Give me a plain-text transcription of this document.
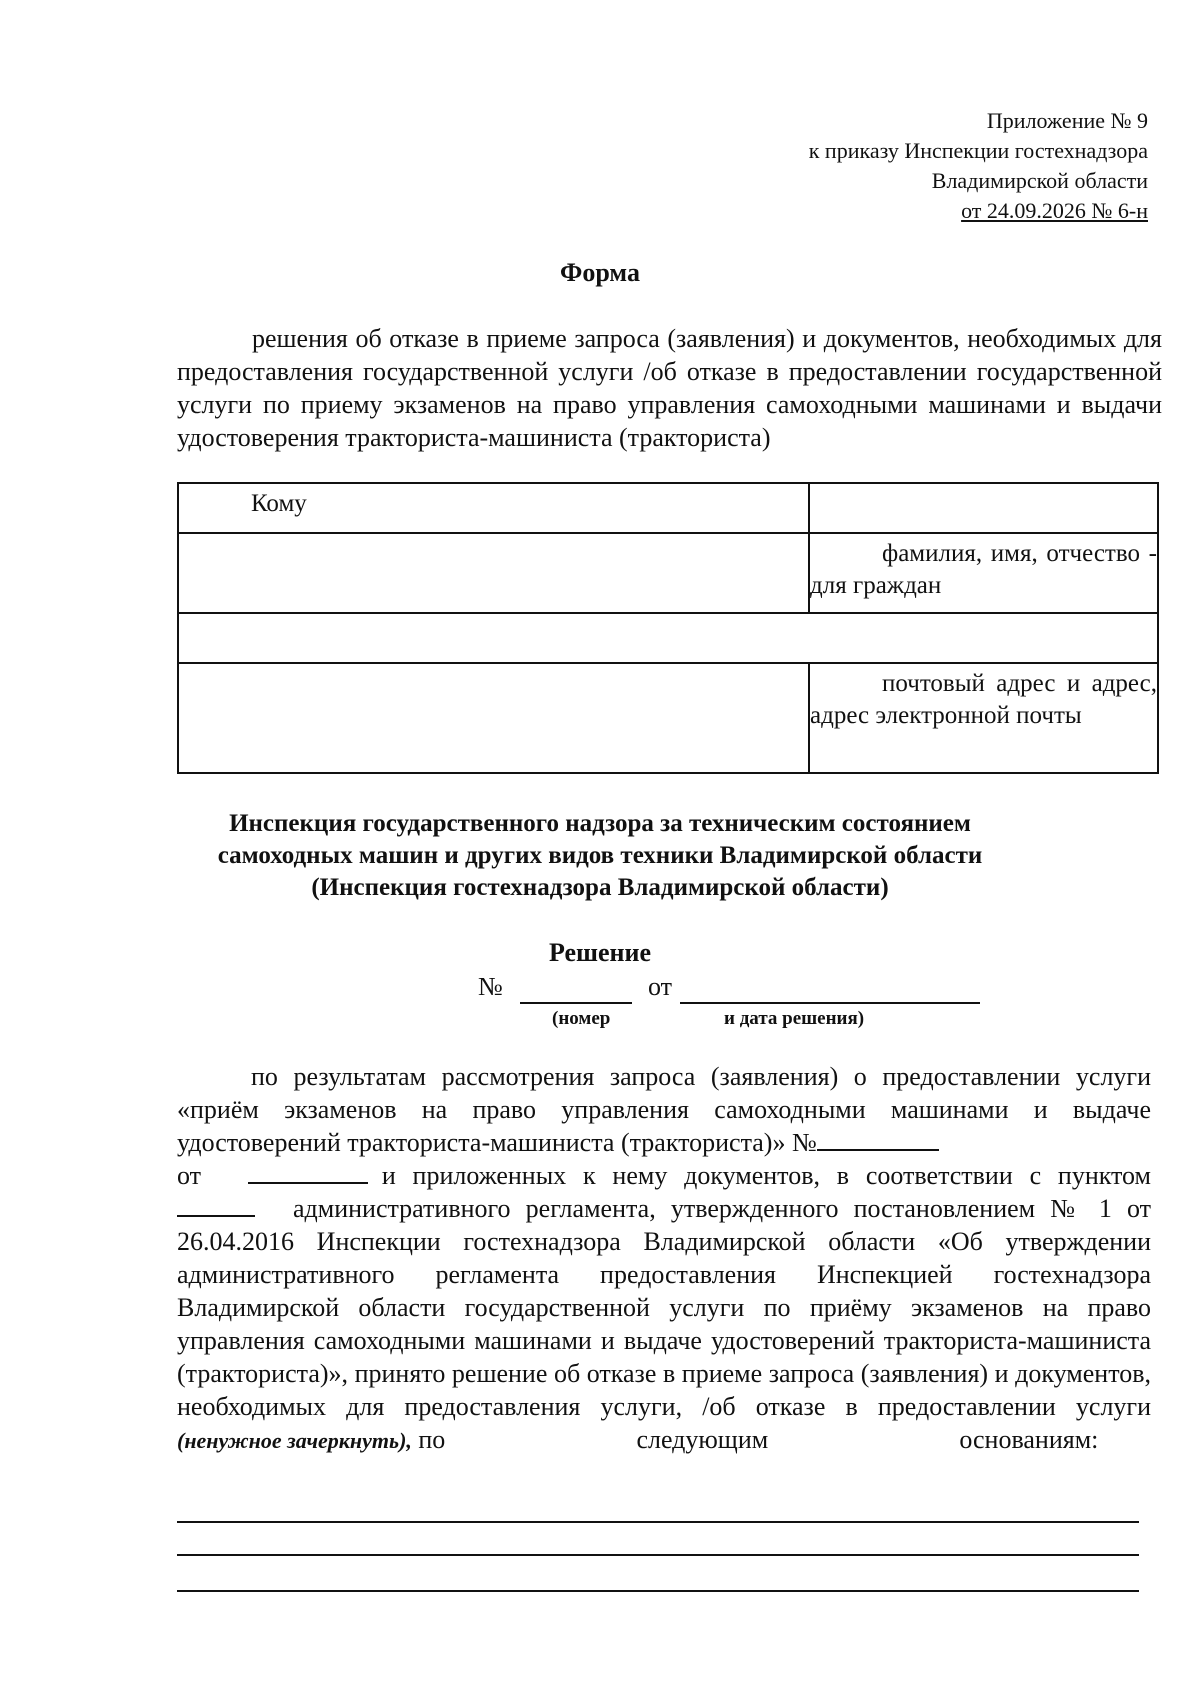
Приложение № 9
к приказу Инспекции гостехнадзора
Владимирской области
от 24.09.2026 № 6-н
Форма
решения об отказе в приеме запроса (заявления) и документов, необходимых для предоставления государственной услуги /об отказе в предоставлении государственной услуги по приему экзаменов на право управления самоходными машинами и выдачи удостоверения тракториста-машиниста (тракториста)
Кому	

	фамилия, имя, отчество - для граждан

	почтовый адрес и адрес, адрес электронной почты
Инспекция государственного надзора за техническим состоянием
самоходных машин и других видов техники Владимирской области
(Инспекция гостехнадзора Владимирской области)
Решение
№	от
(номер	и дата решения)

по результатам рассмотрения запроса (заявления) о предоставлении услуги «приём экзаменов на право управления самоходными машинами и выдаче удостоверений тракториста-машиниста (тракториста)» №

от	и приложенных к нему документов, в соответствии с пунктом административного регламента, утвержденного постановлением № 1 от 26.04.2016 Инспекции гостехнадзора Владимирской области «Об утверждении административного регламента предоставления Инспекцией гостехнадзора Владимирской области государственной услуги по приёму экзаменов на право управления самоходными машинами и выдаче удостоверений тракториста-машиниста (тракториста)», принято решение об отказе в приеме запроса (заявления) и документов, необходимых для предоставления услуги, /об отказе в предоставлении услуги (ненужное зачеркнуть), по следующим основаниям:
